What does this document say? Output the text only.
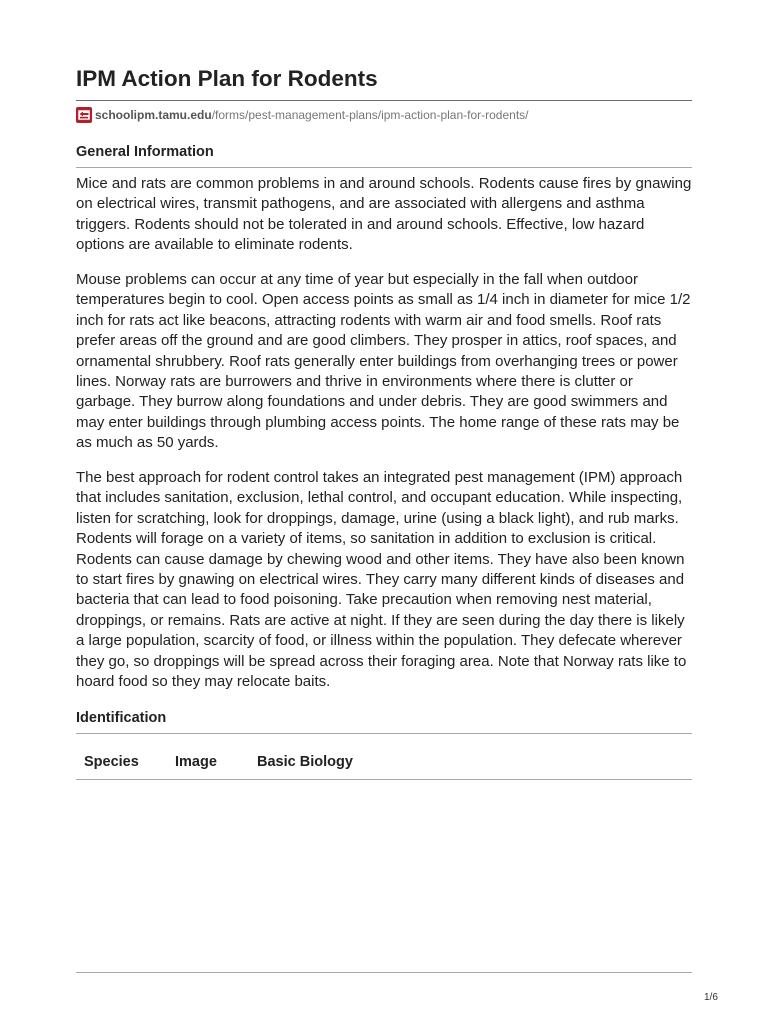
IPM Action Plan for Rodents
schoolipm.tamu.edu /forms/pest-management-plans/ipm-action-plan-for-rodents/
General Information

Mice and rats are common problems in and around schools. Rodents cause fires by gnawing on electrical wires, transmit pathogens, and are associated with allergens and asthma triggers. Rodents should not be tolerated in and around schools. Effective, low hazard options are available to eliminate rodents.

Mouse problems can occur at any time of year but especially in the fall when outdoor temperatures begin to cool. Open access points as small as 1/4 inch in diameter for mice 1/2 inch for rats act like beacons, attracting rodents with warm air and food smells. Roof rats prefer areas off the ground and are good climbers. They prosper in attics, roof spaces, and ornamental shrubbery. Roof rats generally enter buildings from overhanging trees or power lines. Norway rats are burrowers and thrive in environments where there is clutter or garbage. They burrow along foundations and under debris. They are good swimmers and may enter buildings through plumbing access points. The home range of these rats may be as much as 50 yards.

The best approach for rodent control takes an integrated pest management (IPM) approach that includes sanitation, exclusion, lethal control, and occupant education. While inspecting, listen for scratching, look for droppings, damage, urine (using a black light), and rub marks. Rodents will forage on a variety of items, so sanitation in addition to exclusion is critical. Rodents can cause damage by chewing wood and other items. They have also been known to start fires by gnawing on electrical wires. They carry many different kinds of diseases and bacteria that can lead to food poisoning. Take precaution when removing nest material, droppings, or remains. Rats are active at night. If they are seen during the day there is likely a large population, scarcity of food, or illness within the population. They defecate wherever they go, so droppings will be spread across their foraging area. Note that Norway rats like to hoard food so they may relocate baits.

Identification
Species Image	Basic Biology
1/6
